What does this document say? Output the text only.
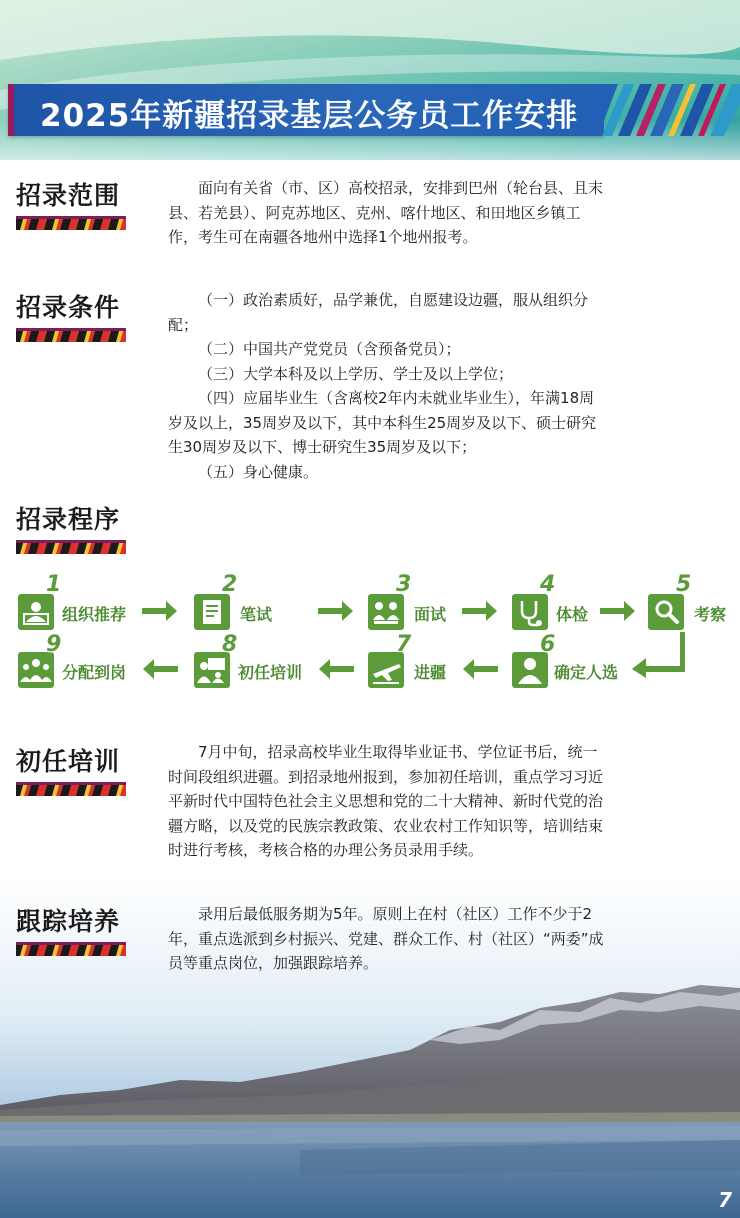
2025年新疆招录基层公务员工作安排
招录范围	面向有关省（市、区）高校招录，安排到巴州（轮台县、且末县、若羌县）、阿克苏地区、克州、喀什地区、和田地区乡镇工作，考生可在南疆各地州中选择1个地州报考。

招录条件	（一）政治素质好，品学兼优，自愿建设边疆，服从组织分配；

（二）中国共产党党员（含预备党员）；

（三）大学本科及以上学历、学士及以上学位；

（四）应届毕业生（含离校2年内未就业毕业生），年满18周岁及以上，35周岁及以下，其中本科生25周岁及以下、硕士研究生30周岁及以下、博士研究生35周岁及以下；

（五）身心健康。

招录程序
1
组织推荐
2
笔试
3
面试
4
体检
5
考察
6
确定人选
7
进疆
8
初任培训
9
分配到岗
初任培训	7月中旬，招录高校毕业生取得毕业证书、学位证书后，统一时间段组织进疆。到招录地州报到，参加初任培训，重点学习习近平新时代中国特色社会主义思想和党的二十大精神、新时代党的治疆方略，以及党的民族宗教政策、农业农村工作知识等，培训结束时进行考核，考核合格的办理公务员录用手续。

跟踪培养	录用后最低服务期为5年。原则上在村（社区）工作不少于2年，重点选派到乡村振兴、党建、群众工作、村（社区）“两委”成员等重点岗位，加强跟踪培养。

7
